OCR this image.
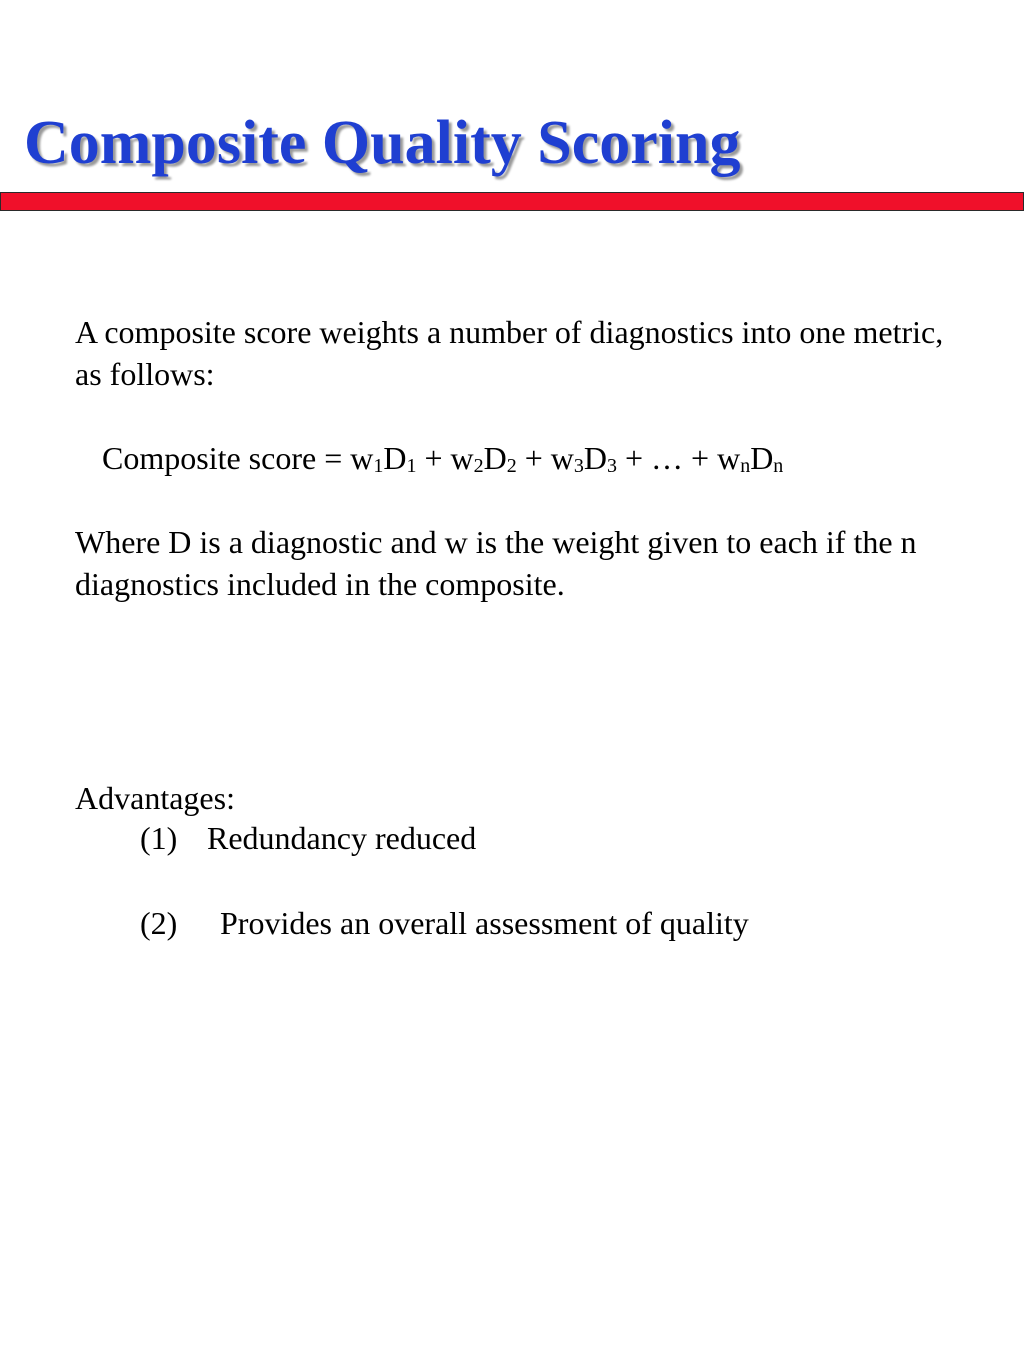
Composite Quality Scoring

A composite score weights a number of diagnostics into one metric, as follows:

Composite score = $w_1D_1 + w_2D_2 + w_3D_3$ + … + $w_nD_n$

Where D is a diagnostic and w is the weight given to each if the n diagnostics included in the composite.

Advantages:

(1) Redundancy reduced

(2) Provides an overall assessment of quality
